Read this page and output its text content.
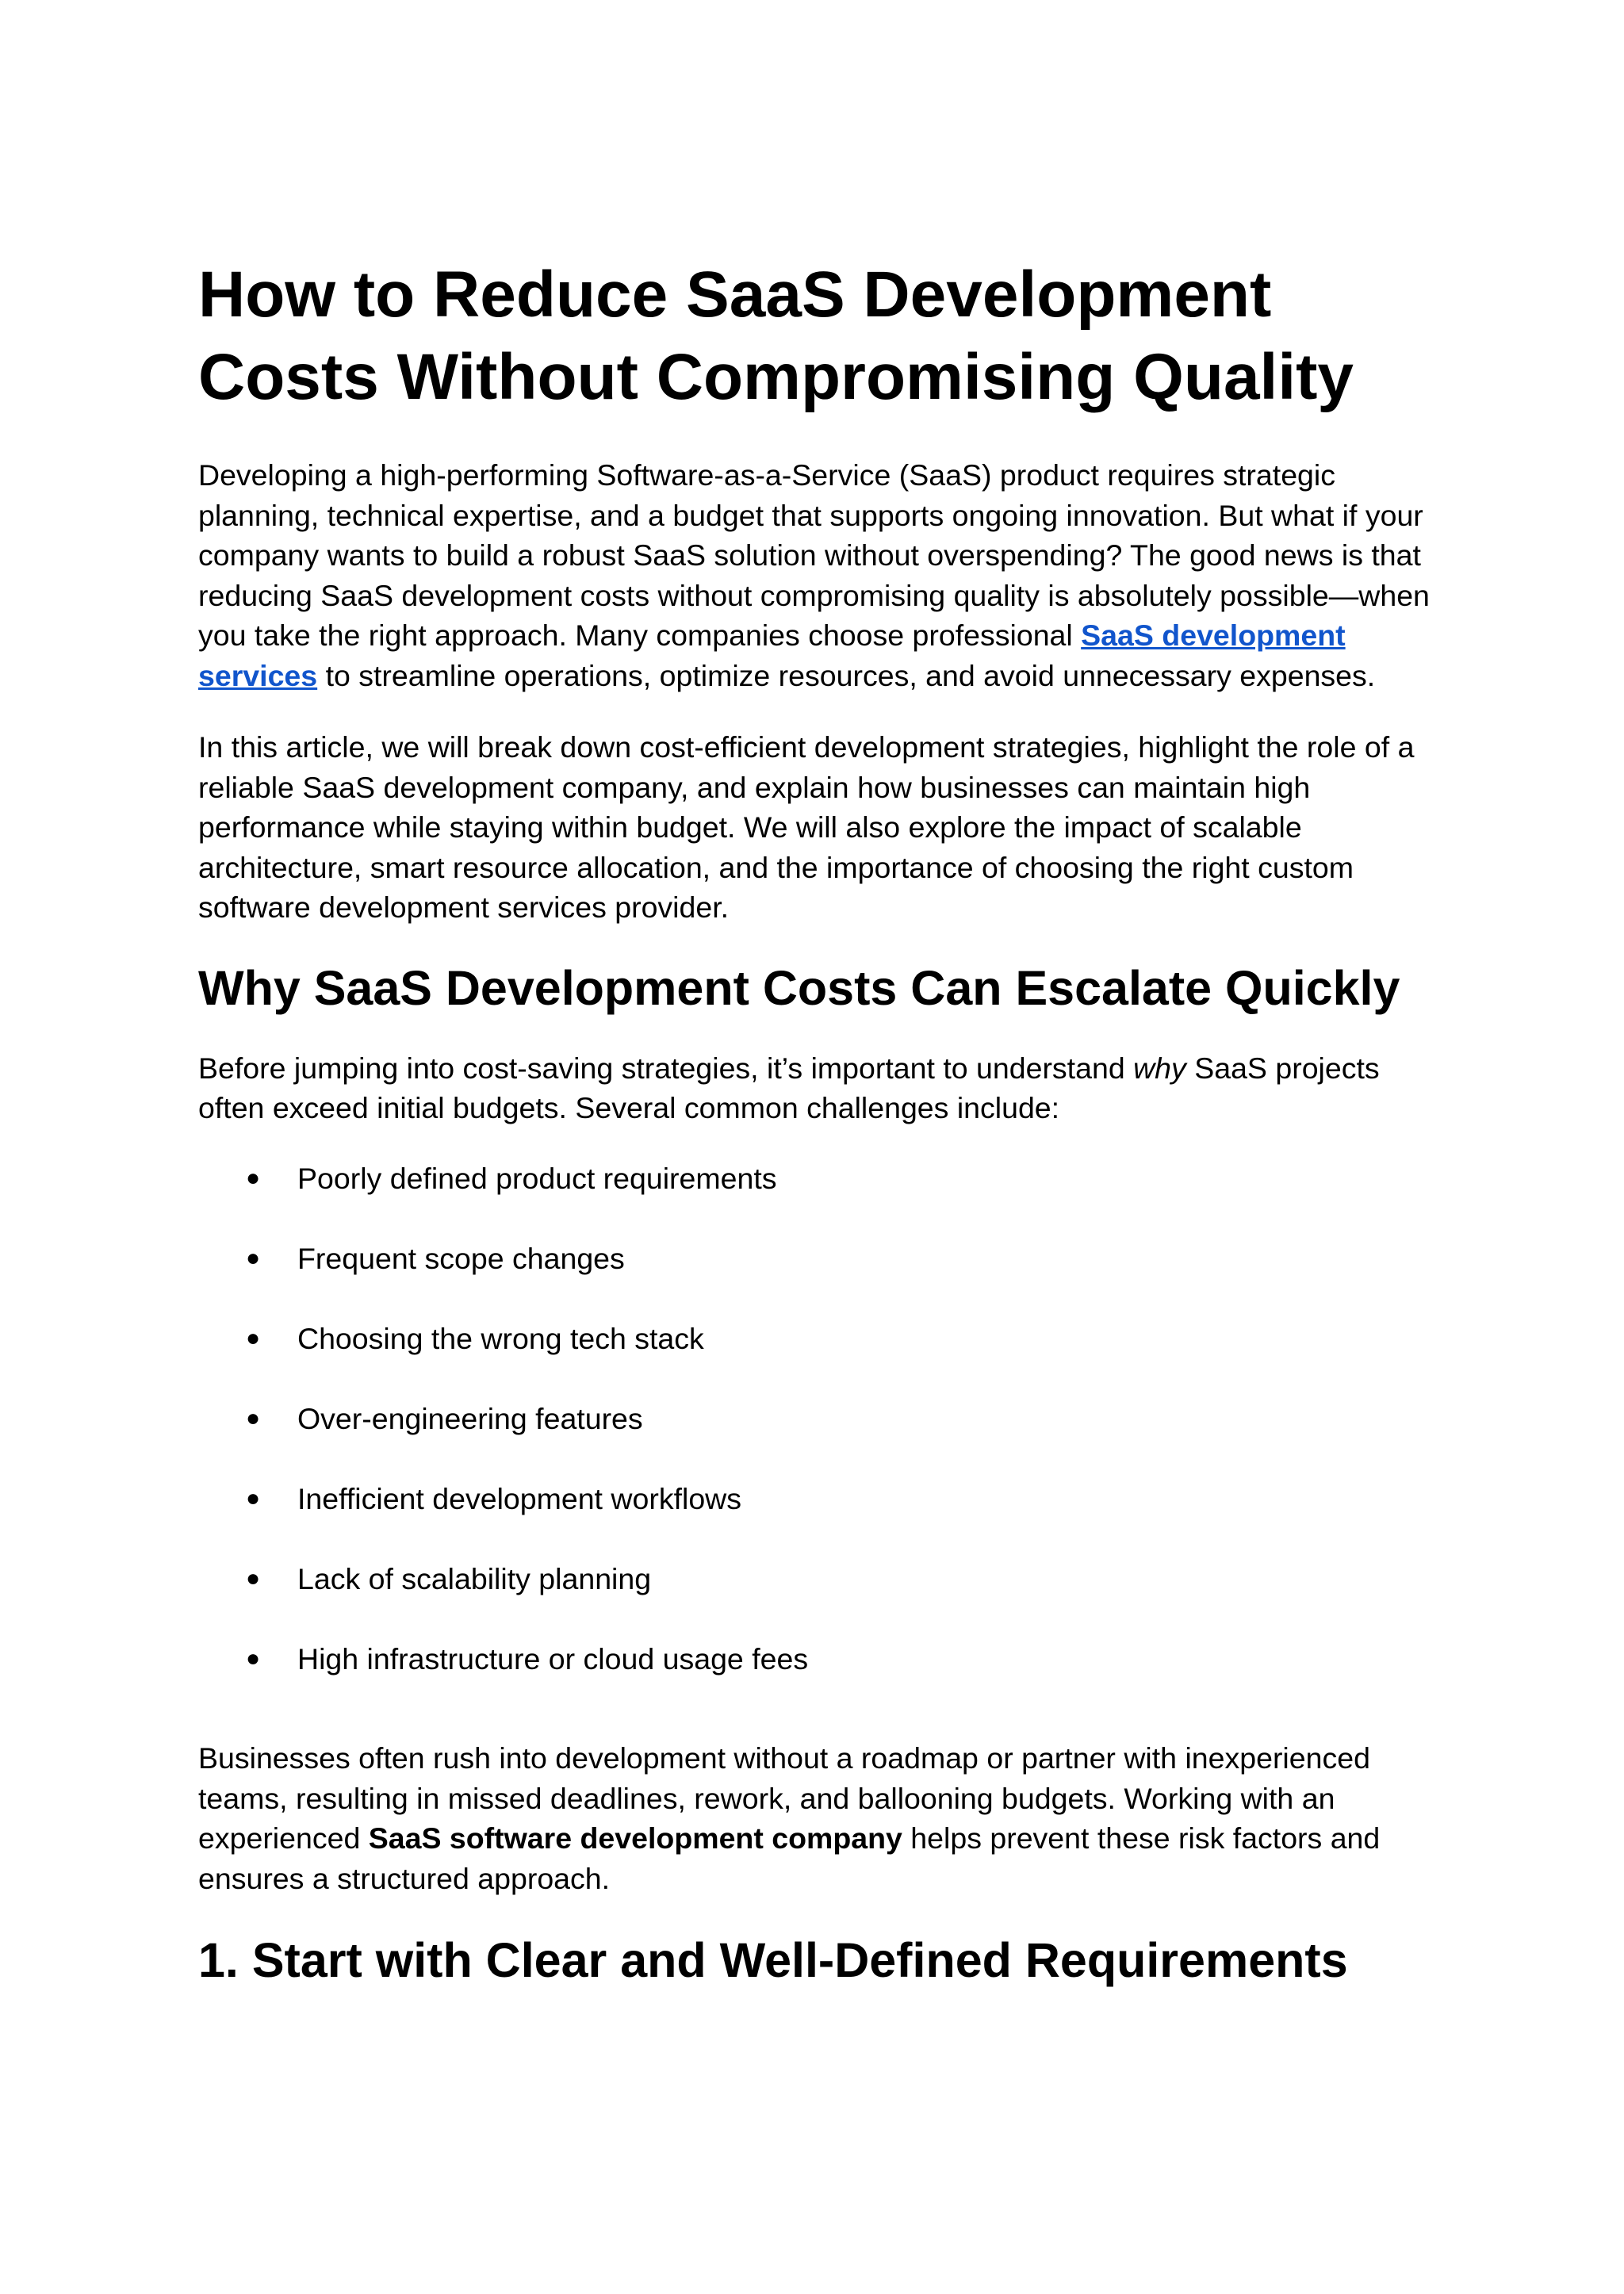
How to Reduce SaaS Development Costs Without Compromising Quality

Developing a high-performing Software-as-a-Service (SaaS) product requires strategic planning, technical expertise, and a budget that supports ongoing innovation. But what if your company wants to build a robust SaaS solution without overspending? The good news is that reducing SaaS development costs without compromising quality is absolutely possible—when you take the right approach. Many companies choose professional SaaS development services to streamline operations, optimize resources, and avoid unnecessary expenses.

In this article, we will break down cost-efficient development strategies, highlight the role of a reliable SaaS development company, and explain how businesses can maintain high performance while staying within budget. We will also explore the impact of scalable architecture, smart resource allocation, and the importance of choosing the right custom software development services provider.

Why SaaS Development Costs Can Escalate Quickly

Before jumping into cost-saving strategies, it’s important to understand why SaaS projects often exceed initial budgets. Several common challenges include:

● Poorly defined product requirements
● Frequent scope changes
● Choosing the wrong tech stack
● Over-engineering features
● Inefficient development workflows
● Lack of scalability planning
● High infrastructure or cloud usage fees

Businesses often rush into development without a roadmap or partner with inexperienced teams, resulting in missed deadlines, rework, and ballooning budgets. Working with an experienced SaaS software development company helps prevent these risk factors and ensures a structured approach.

1. Start with Clear and Well-Defined Requirements
